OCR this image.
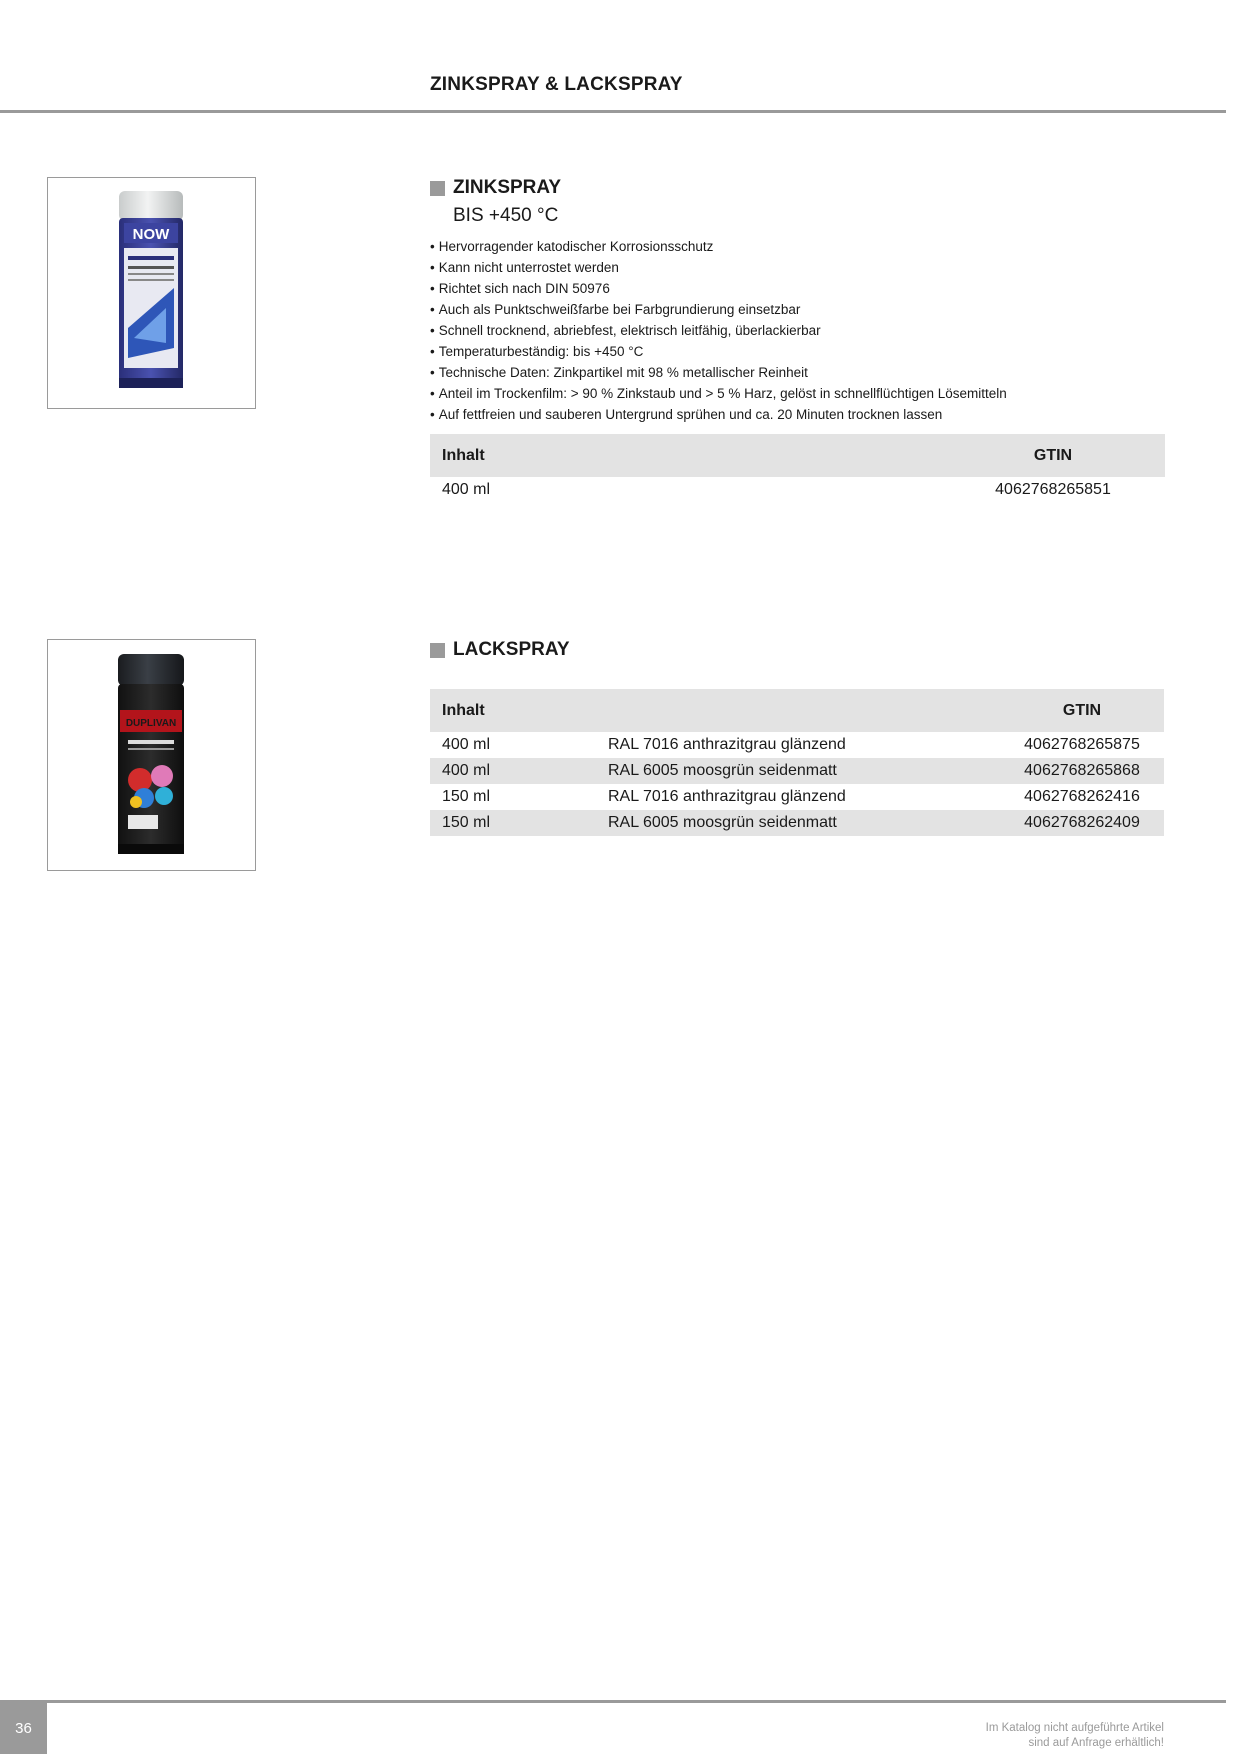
ZINKSPRAY & LACKSPRAY
NOW
ZINKSPRAY
BIS +450 °C
• Hervorragender katodischer Korrosionsschutz
• Kann nicht unterrostet werden
• Richtet sich nach DIN 50976
• Auch als Punktschweißfarbe bei Farbgrundierung einsetzbar
• Schnell trocknend, abriebfest, elektrisch leitfähig, überlackierbar
• Temperaturbeständig: bis +450 °C
• Technische Daten: Zinkpartikel mit 98 % metallischer Reinheit
• Anteil im Trockenfilm: > 90 % Zinkstaub und > 5 % Harz, gelöst in schnellflüchtigen Lösemitteln
• Auf fettfreien und sauberen Untergrund sprühen und ca. 20 Minuten trocknen lassen
Inhalt	GTIN
400 ml	4062768265851
DUPLIVAN
LACKSPRAY
Inhalt		GTIN
400 ml	RAL 7016 anthrazitgrau glänzend	4062768265875
400 ml	RAL 6005 moosgrün seidenmatt	4062768265868
150 ml	RAL 7016 anthrazitgrau glänzend	4062768262416
150 ml	RAL 6005 moosgrün seidenmatt	4062768262409
36	Im Katalog nicht aufgeführte Artikel
sind auf Anfrage erhältlich!
